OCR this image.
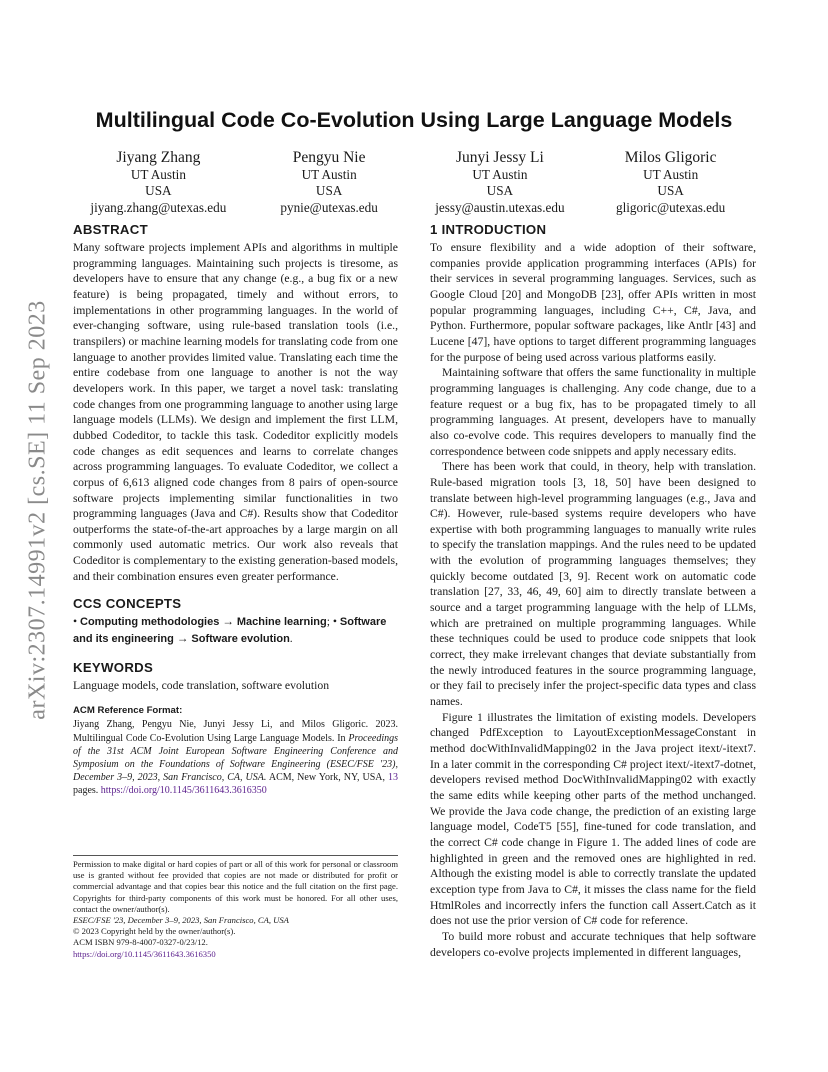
arXiv:2307.14991v2 [cs.SE] 11 Sep 2023
Multilingual Code Co-Evolution Using Large Language Models
Jiyang Zhang
UT Austin
USA
jiyang.zhang@utexas.edu
Pengyu Nie
UT Austin
USA
pynie@utexas.edu
Junyi Jessy Li
UT Austin
USA
jessy@austin.utexas.edu
Milos Gligoric
UT Austin
USA
gligoric@utexas.edu
ABSTRACT

Many software projects implement APIs and algorithms in multiple programming languages. Maintaining such projects is tiresome, as developers have to ensure that any change (e.g., a bug fix or a new feature) is being propagated, timely and without errors, to implementations in other programming languages. In the world of ever-changing software, using rule-based translation tools (i.e., transpilers) or machine learning models for translating code from one language to another provides limited value. Translating each time the entire codebase from one language to another is not the way developers work. In this paper, we target a novel task: translating code changes from one programming language to another using large language models (LLMs). We design and implement the first LLM, dubbed Codeditor, to tackle this task. Codeditor explicitly models code changes as edit sequences and learns to correlate changes across programming languages. To evaluate Codeditor, we collect a corpus of 6,613 aligned code changes from 8 pairs of open-source software projects implementing similar functionalities in two programming languages (Java and C#). Results show that Codeditor outperforms the state-of-the-art approaches by a large margin on all commonly used automatic metrics. Our work also reveals that Codeditor is complementary to the existing generation-based models, and their combination ensures even greater performance.

CCS CONCEPTS

• Computing methodologies → Machine learning; • Software and its engineering → Software evolution.

KEYWORDS

Language models, code translation, software evolution

ACM Reference Format:

Jiyang Zhang, Pengyu Nie, Junyi Jessy Li, and Milos Gligoric. 2023. Multilingual Code Co-Evolution Using Large Language Models. In Proceedings of the 31st ACM Joint European Software Engineering Conference and Symposium on the Foundations of Software Engineering (ESEC/FSE '23), December 3–9, 2023, San Francisco, CA, USA. ACM, New York, NY, USA, 13 pages. https://doi.org/10.1145/3611643.3616350

Permission to make digital or hard copies of part or all of this work for personal or classroom use is granted without fee provided that copies are not made or distributed for profit or commercial advantage and that copies bear this notice and the full citation on the first page. Copyrights for third-party components of this work must be honored. For all other uses, contact the owner/author(s).
ESEC/FSE '23, December 3–9, 2023, San Francisco, CA, USA
© 2023 Copyright held by the owner/author(s).
ACM ISBN 979-8-4007-0327-0/23/12.
https://doi.org/10.1145/3611643.3616350
1 INTRODUCTION

To ensure flexibility and a wide adoption of their software, companies provide application programming interfaces (APIs) for their services in several programming languages. Services, such as Google Cloud [20] and MongoDB [23], offer APIs written in most popular programming languages, including C++, C#, Java, and Python. Furthermore, popular software packages, like Antlr [43] and Lucene [47], have options to target different programming languages for the purpose of being used across various platforms easily.

Maintaining software that offers the same functionality in multiple programming languages is challenging. Any code change, due to a feature request or a bug fix, has to be propagated timely to all programming languages. At present, developers have to manually also co-evolve code. This requires developers to manually find the correspondence between code snippets and apply necessary edits.

There has been work that could, in theory, help with translation. Rule-based migration tools [3, 18, 50] have been designed to translate between high-level programming languages (e.g., Java and C#). However, rule-based systems require developers who have expertise with both programming languages to manually write rules to specify the translation mappings. And the rules need to be updated with the evolution of programming languages themselves; they quickly become outdated [3, 9]. Recent work on automatic code translation [27, 33, 46, 49, 60] aim to directly translate between a source and a target programming language with the help of LLMs, which are pretrained on multiple programming languages. While these techniques could be used to produce code snippets that look correct, they make irrelevant changes that deviate substantially from the newly introduced features in the source programming language, or they fail to precisely infer the project-specific data types and class names.

Figure 1 illustrates the limitation of existing models. Developers changed PdfException to LayoutExceptionMessageConstant in method docWithInvalidMapping02 in the Java project itext/-itext7. In a later commit in the corresponding C# project itext/-itext7-dotnet, developers revised method DocWithInvalidMapping02 with exactly the same edits while keeping other parts of the method unchanged. We provide the Java code change, the prediction of an existing large language model, CodeT5 [55], fine-tuned for code translation, and the correct C# code change in Figure 1. The added lines of code are highlighted in green and the removed ones are highlighted in red. Although the existing model is able to correctly translate the updated exception type from Java to C#, it misses the class name for the field HtmlRoles and incorrectly infers the function call Assert.Catch as it does not use the prior version of C# code for reference.

To build more robust and accurate techniques that help software developers co-evolve projects implemented in different languages,
